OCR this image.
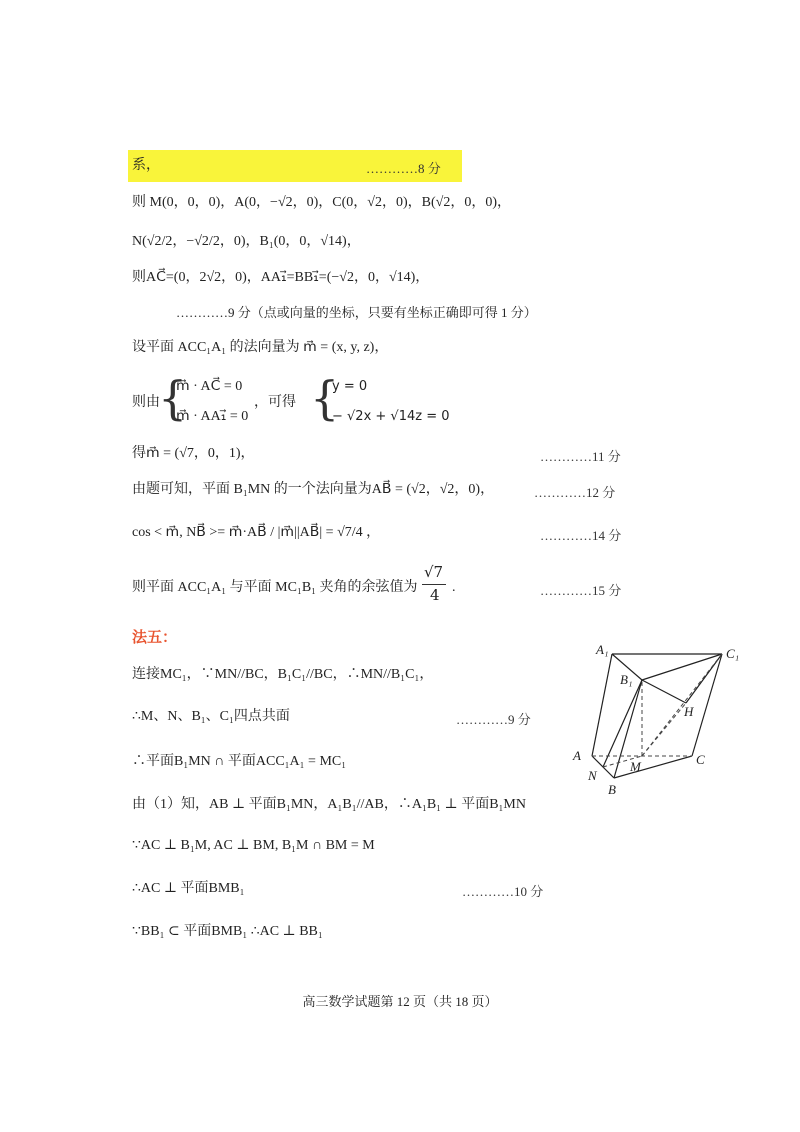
系，	…………8 分
则 M(0，0，0)，A(0，−√2，0)，C(0，√2，0)，B(√2，0，0)，
N(√2/2，−√2/2，0)，B₁(0，0，√14)，
则AC⃗=(0，2√2，0)，AA₁⃗=BB₁⃗=(−√2，0，√14)，
…………9 分（点或向量的坐标，只要有坐标正确即可得 1 分）
设平面 ACC₁A₁ 的法向量为 m⃗ = (x, y, z)，
则由
{
m⃗ · AC⃗ = 0
m⃗ · AA₁⃗ = 0
，可得 {
y = 0
− √2x + √14z = 0
得m⃗ = (√7，0，1)，	…………11 分
由题可知，平面 B₁MN 的一个法向量为AB⃗ = (√2，√2，0)，	…………12 分
cos < m⃗, NB⃗ >= m⃗·AB⃗ / |m⃗||AB⃗| = √7/4 ，	…………14 分
则平面 ACC₁A₁ 与平面 MC₁B₁ 夹角的余弦值为
√7
4 .	…………15 分
法五：
连接MC₁，∵MN//BC，B₁C₁//BC，∴MN//B₁C₁，
∴M、N、B₁、C₁四点共面	…………9 分
∴平面B₁MN ∩ 平面ACC₁A₁ = MC₁
由（1）知，AB ⊥ 平面B₁MN，A₁B₁//AB，∴A₁B₁ ⊥ 平面B₁MN
∵AC ⊥ B₁M, AC ⊥ BM, B₁M ∩ BM = M
∴AC ⊥ 平面BMB₁	…………10 分
∵BB₁ ⊂ 平面BMB₁ ∴AC ⊥ BB₁
A₁	C₁
B₁
H
A
M	C
N
B
高三数学试题第 12 页（共 18 页）
